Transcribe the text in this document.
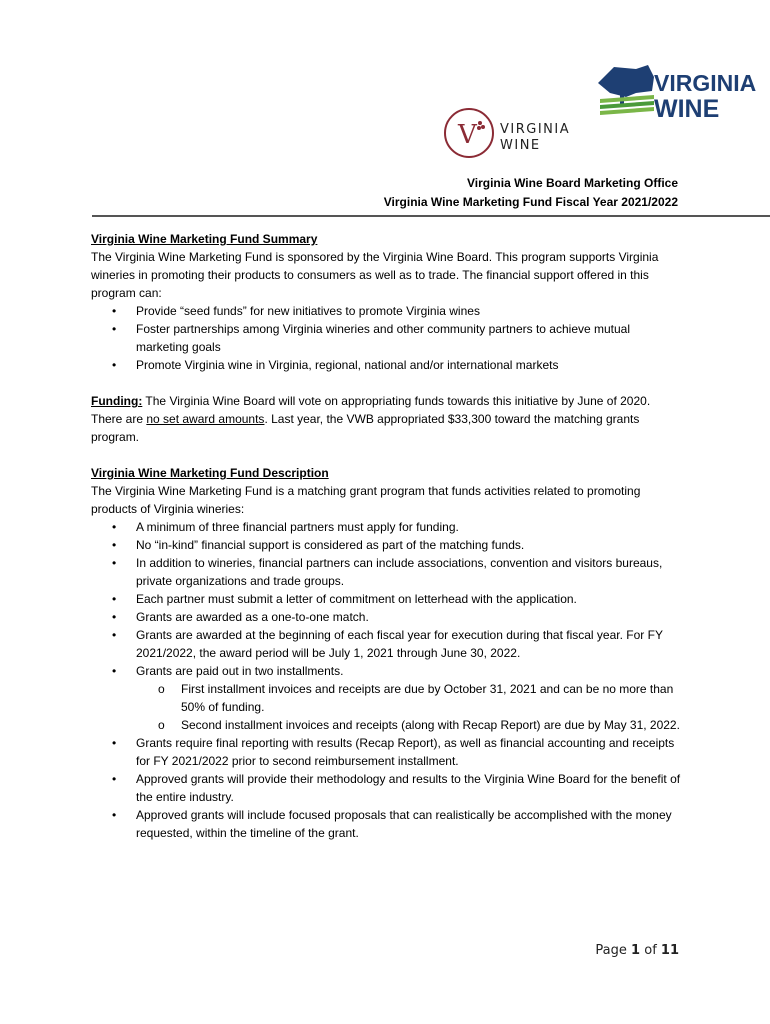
VIRGINIA
WINE
V VIRGINIA
WINE
Virginia Wine Board Marketing Office
Virginia Wine Marketing Fund Fiscal Year 2021/2022
Virginia Wine Marketing Fund Summary

The Virginia Wine Marketing Fund is sponsored by the Virginia Wine Board. This program supports Virginia wineries in promoting their products to consumers as well as to trade. The financial support offered in this program can:

• Provide “seed funds” for new initiatives to promote Virginia wines
• Foster partnerships among Virginia wineries and other community partners to achieve mutual marketing goals
• Promote Virginia wine in Virginia, regional, national and/or international markets

Funding: The Virginia Wine Board will vote on appropriating funds towards this initiative by June of 2020. There are no set award amounts. Last year, the VWB appropriated $33,300 toward the matching grants program.

Virginia Wine Marketing Fund Description

The Virginia Wine Marketing Fund is a matching grant program that funds activities related to promoting products of Virginia wineries:

• A minimum of three financial partners must apply for funding.
• No “in-kind” financial support is considered as part of the matching funds.
• In addition to wineries, financial partners can include associations, convention and visitors bureaus, private organizations and trade groups.
• Each partner must submit a letter of commitment on letterhead with the application.
• Grants are awarded as a one-to-one match.
• Grants are awarded at the beginning of each fiscal year for execution during that fiscal year. For FY 2021/2022, the award period will be July 1, 2021 through June 30, 2022.
• Grants are paid out in two installments.
o First installment invoices and receipts are due by October 31, 2021 and can be no more than 50% of funding.
o Second installment invoices and receipts (along with Recap Report) are due by May 31, 2022.
• Grants require final reporting with results (Recap Report), as well as financial accounting and receipts for FY 2021/2022 prior to second reimbursement installment.
• Approved grants will provide their methodology and results to the Virginia Wine Board for the benefit of the entire industry.
• Approved grants will include focused proposals that can realistically be accomplished with the money requested, within the timeline of the grant.
Page 1 of 11
